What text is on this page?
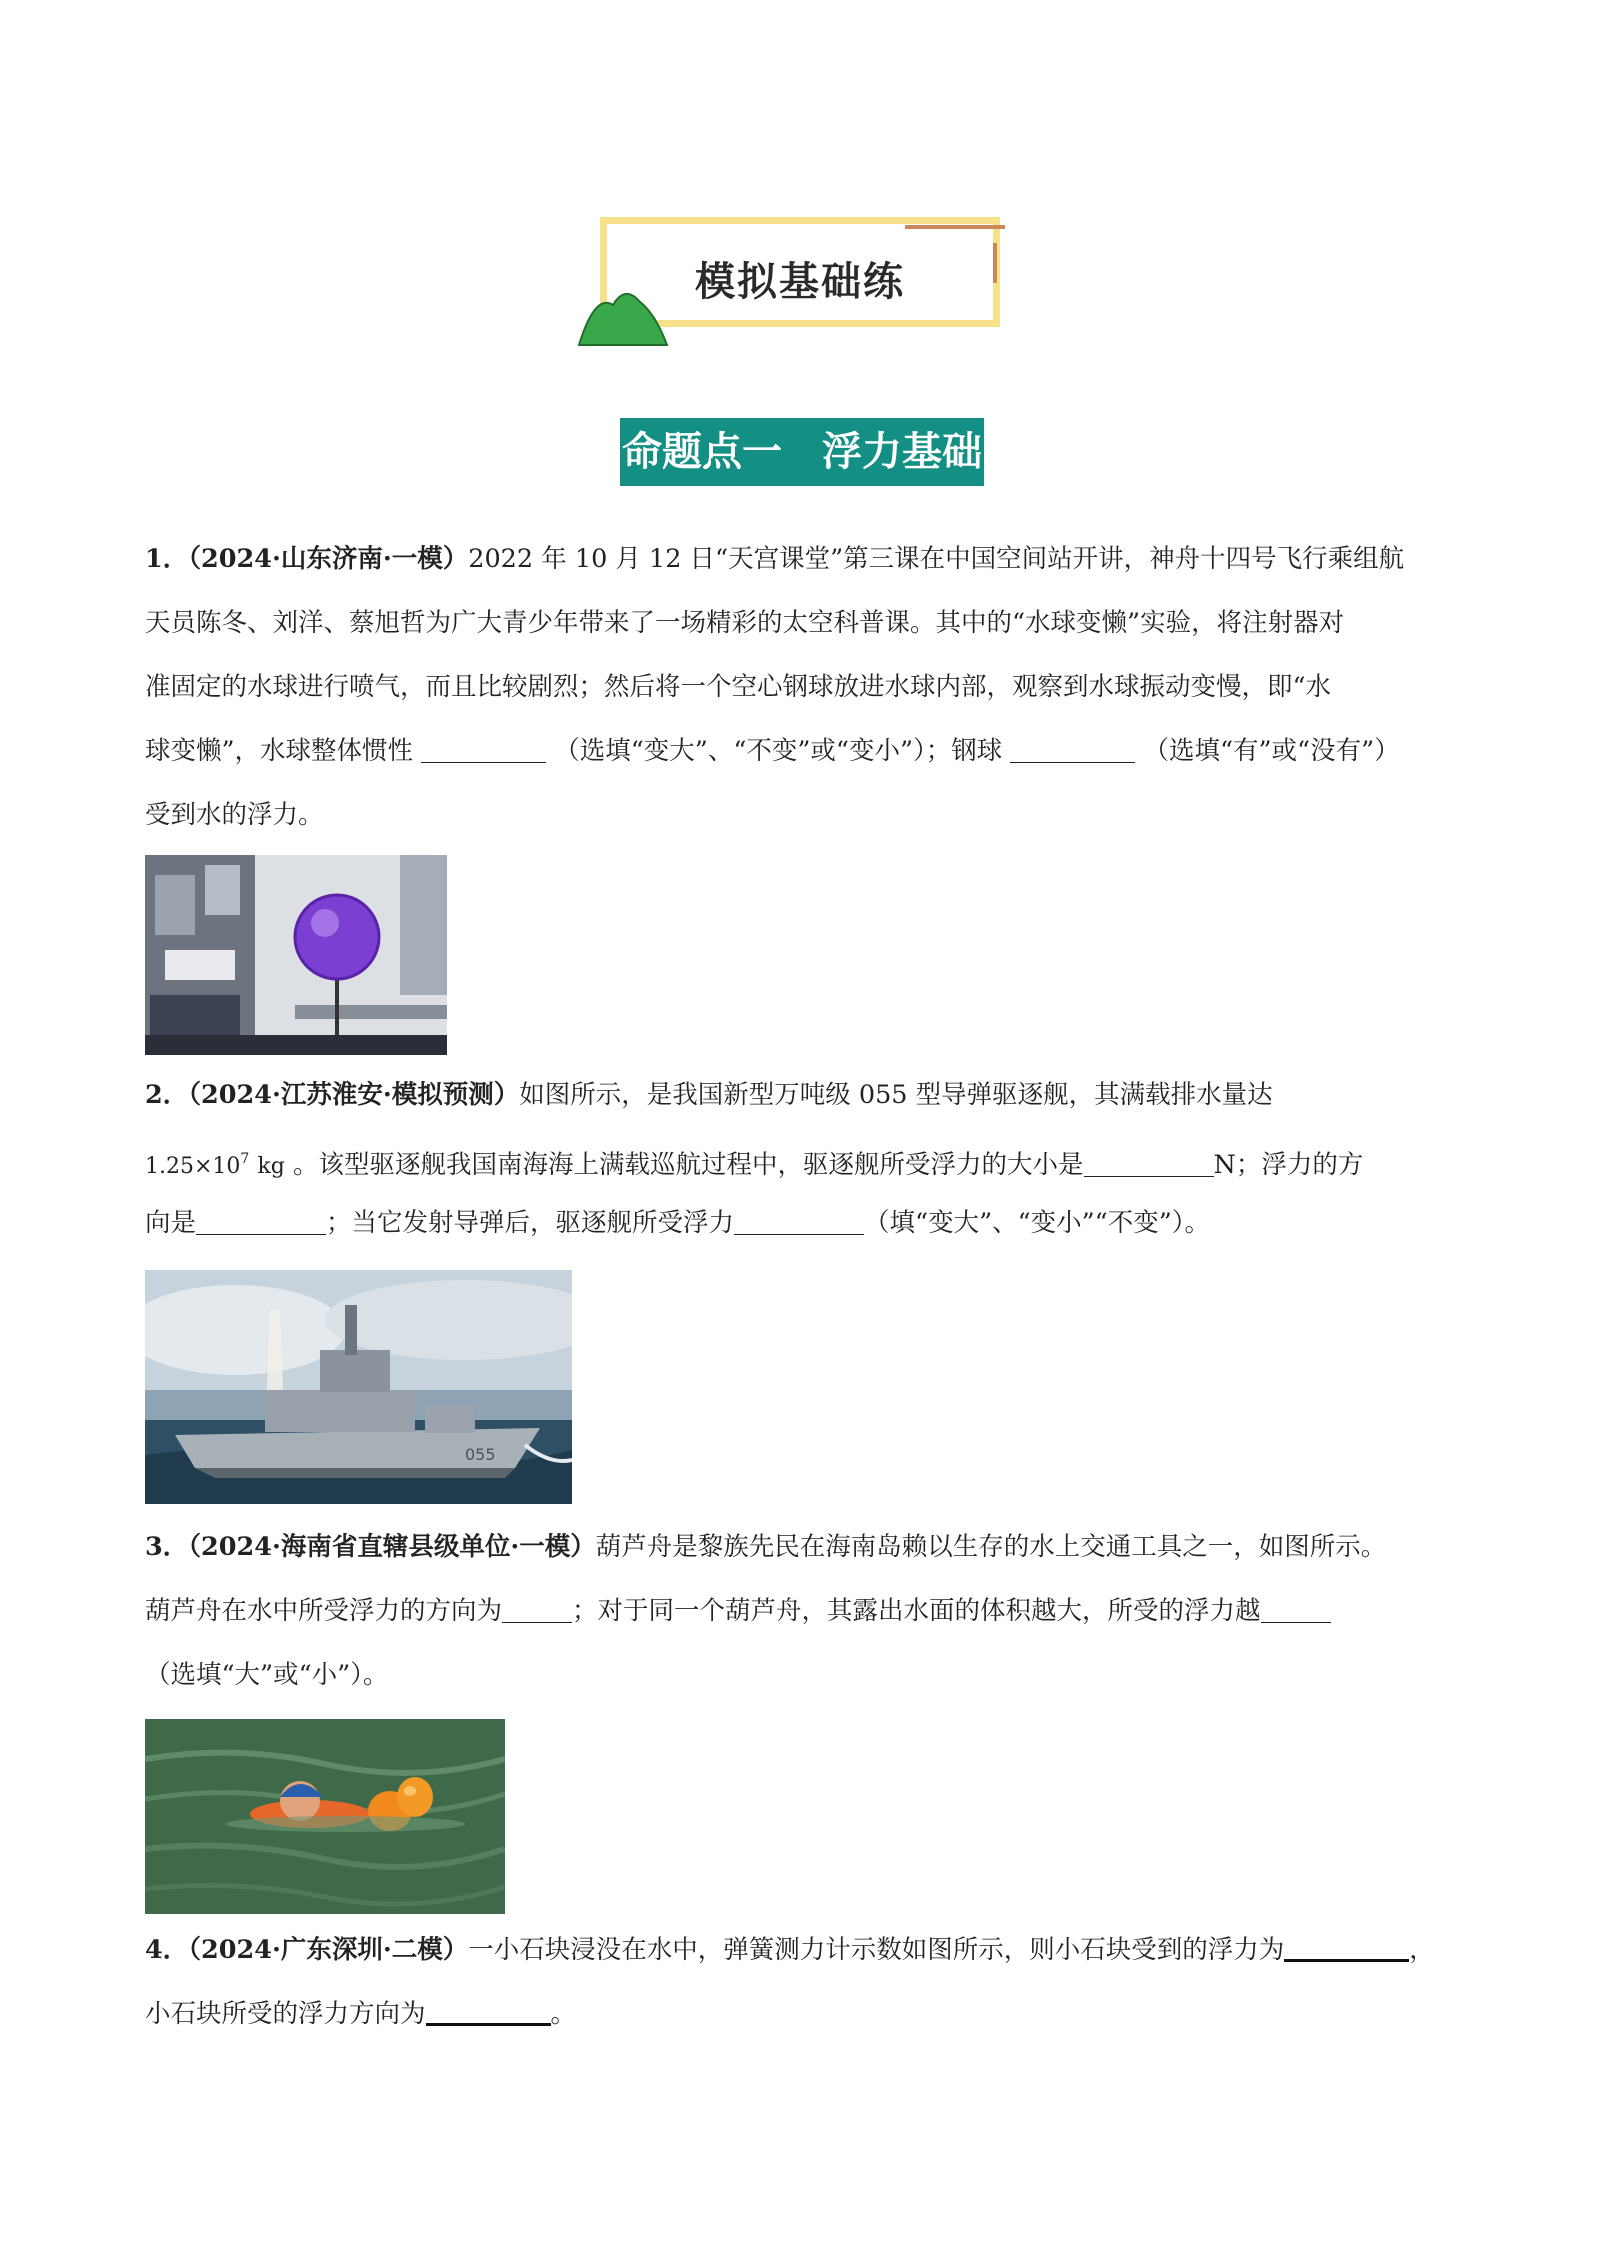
模拟基础练
命题点一　浮力基础
1．（2024·山东济南·一模）2022 年 10 月 12 日“天宫课堂”第三课在中国空间站开讲，神舟十四号飞行乘组航
天员陈冬、刘洋、蔡旭哲为广大青少年带来了一场精彩的太空科普课。其中的“水球变懒”实验，将注射器对
准固定的水球进行喷气，而且比较剧烈；然后将一个空心钢球放进水球内部，观察到水球振动变慢，即“水
球变懒”，水球整体惯性	（选填“变大”、“不变”或“变小”）；钢球	（选填“有”或“没有”）
受到水的浮力。
2．（2024·江苏淮安·模拟预测）如图所示，是我国新型万吨级 055 型导弹驱逐舰，其满载排水量达
$1.25\times 10^7$ kg 。该型驱逐舰我国南海海上满载巡航过程中，驱逐舰所受浮力的大小是	N；浮力的方
向是	；当它发射导弹后，驱逐舰所受浮力	（填“变大”、“变小”“不变”）。
055
3．（2024·海南省直辖县级单位·一模）葫芦舟是黎族先民在海南岛赖以生存的水上交通工具之一，如图所示。
葫芦舟在水中所受浮力的方向为	；对于同一个葫芦舟，其露出水面的体积越大，所受的浮力越
（选填“大”或“小”）。
4．（2024·广东深圳·二模）一小石块浸没在水中，弹簧测力计示数如图所示，则小石块受到的浮力为	，
小石块所受的浮力方向为	。
